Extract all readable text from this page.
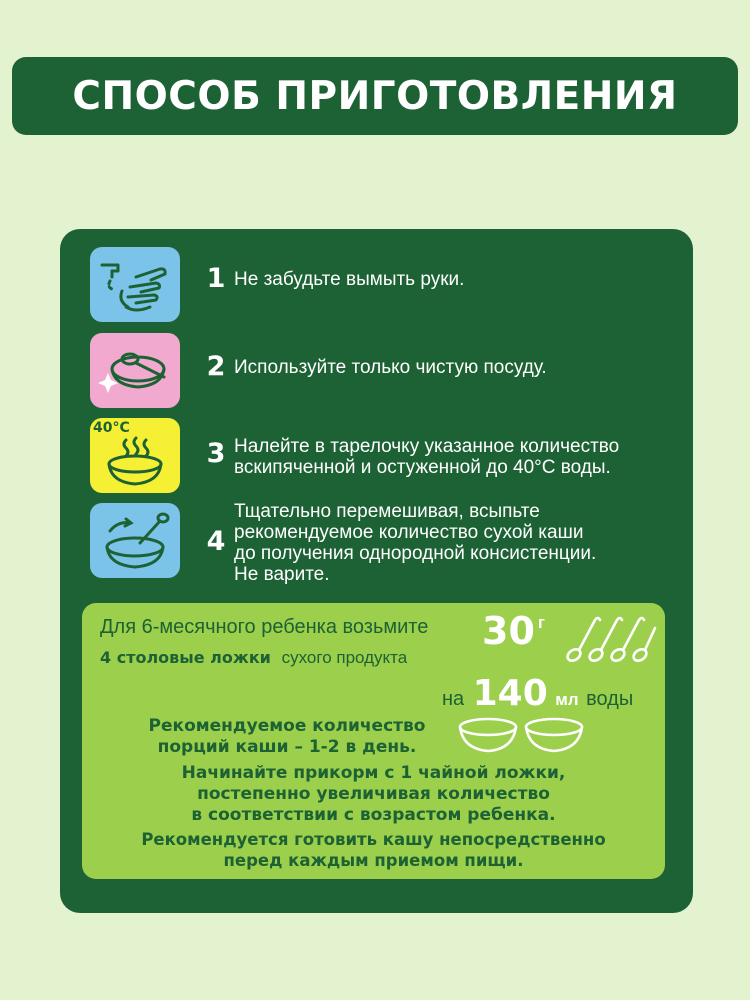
СПОСОБ ПРИГОТОВЛЕНИЯ
1 Не забудьте вымыть руки.
2 Используйте только чистую посуду.
40°С
3 Налейте в тарелочку указанное количество
вскипяченной и остуженной до 40°С воды.
4
Тщательно перемешивая, всыпьте
рекомендуемое количество сухой каши
до получения однородной консистенции.
Не варите.
Для 6-месячного ребенка возьмите 30 г
4 столовые ложки сухого продукта
на 140 мл воды
Рекомендуемое количество
порций каши – 1-2 в день.
Начинайте прикорм с 1 чайной ложки,
постепенно увеличивая количество
в соответствии с возрастом ребенка.
Рекомендуется готовить кашу непосредственно
перед каждым приемом пищи.
